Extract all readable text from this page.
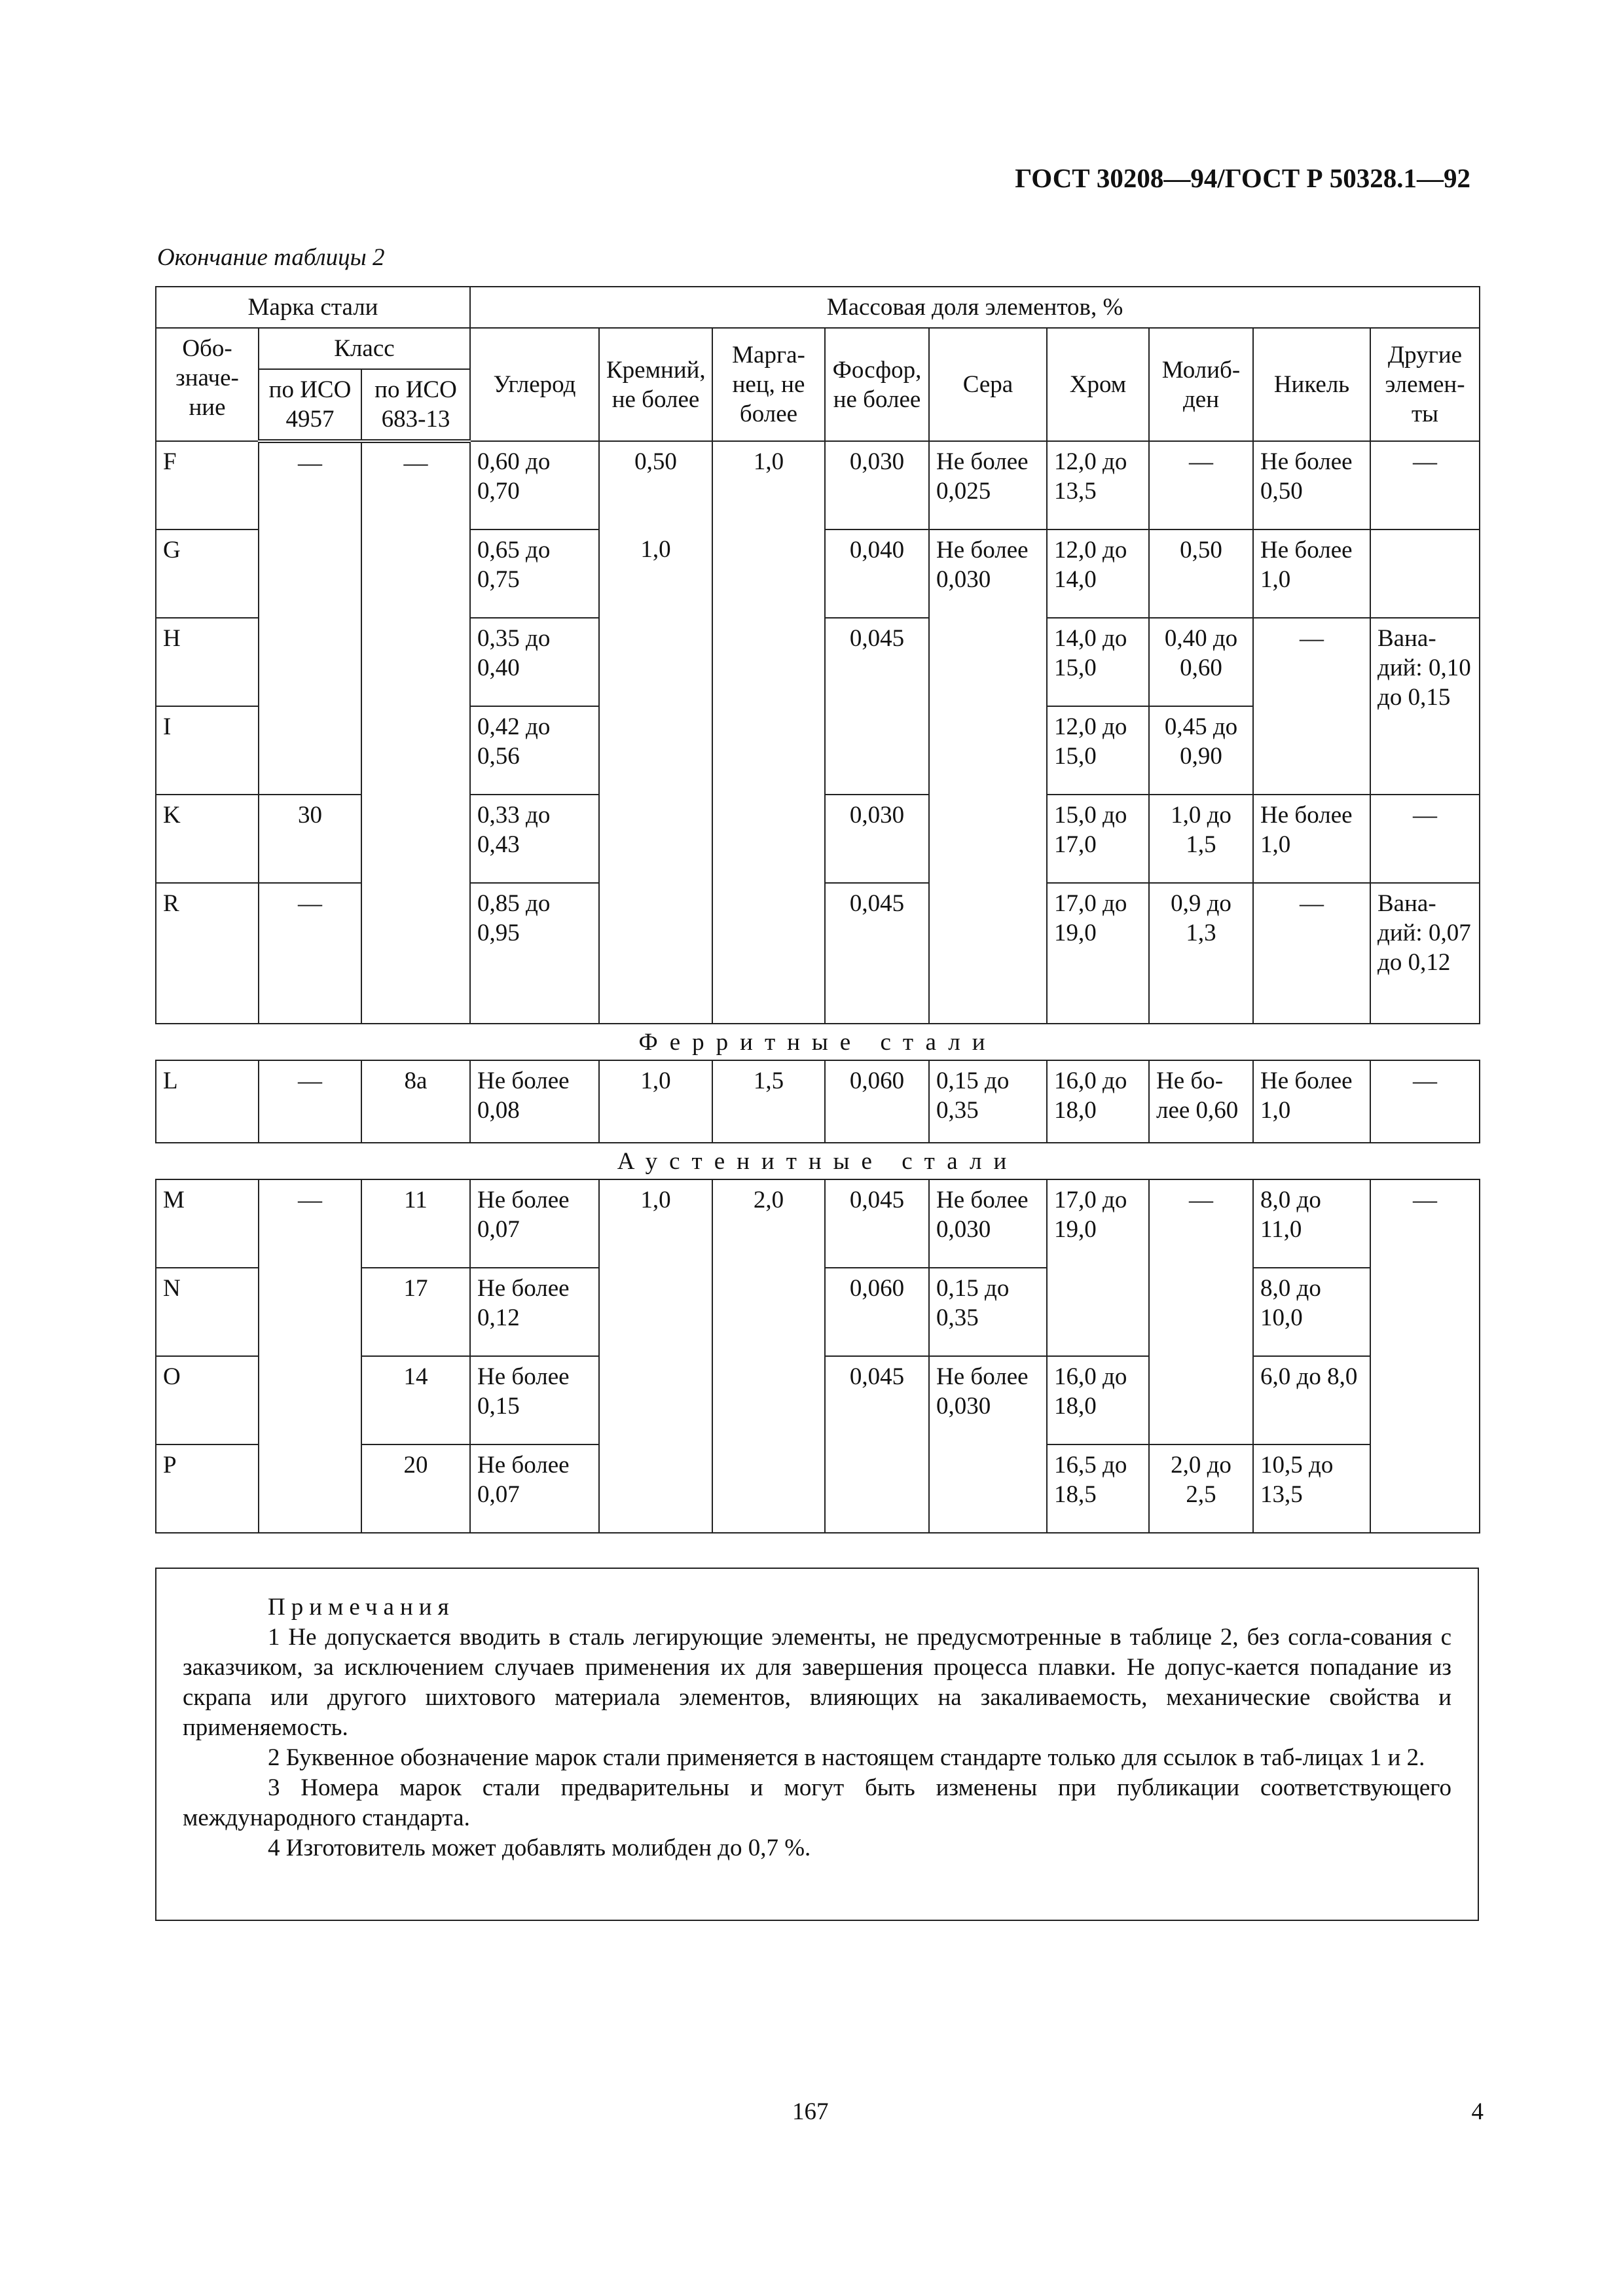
ГОСТ 30208—94/ГОСТ Р 50328.1—92
Окончание таблицы 2
Марка стали			Массовая доля элементов, %								
Обо-значе-ние	Класс		Углерод	Кремний, не более	Марга-нец, не более	Фосфор, не более	Сера	Хром	Молиб-ден	Никель	Другие элемен-ты
	по ИСО 4957	по ИСО 683-13									
F	—	—	0,60 до 0,70	0,50	1,0	0,030	Не более 0,025	12,0 до 13,5	—	Не более 0,50	—
G			0,65 до 0,75	1,0		0,040	Не более 0,030	12,0 до 14,0	0,50	Не более 1,0	
H			0,35 до 0,40			0,045		14,0 до 15,0	0,40 до 0,60	—	Вана-дий: 0,10 до 0,15
I			0,42 до 0,56					12,0 до 15,0	0,45 до 0,90		
K	30		0,33 до 0,43			0,030		15,0 до 17,0	1,0 до 1,5	Не более 1,0	—
R	—		0,85 до 0,95			0,045		17,0 до 19,0	0,9 до 1,3	—	Вана-дий: 0,07 до 0,12
Ферритные стали											
L	—	8а	Не более 0,08	1,0	1,5	0,060	0,15 до 0,35	16,0 до 18,0	Не бо-лее 0,60	Не более 1,0	—
Аустенитные стали											
M	—	11	Не более 0,07	1,0	2,0	0,045	Не более 0,030	17,0 до 19,0	—	8,0 до 11,0	—
N		17	Не более 0,12			0,060	0,15 до 0,35			8,0 до 10,0	
O		14	Не более 0,15			0,045	Не более 0,030	16,0 до 18,0		6,0 до 8,0	
P		20	Не более 0,07					16,5 до 18,5	2,0 до 2,5	10,5 до 13,5	
Примечания

1 Не допускается вводить в сталь легирующие элементы, не предусмотренные в таблице 2, без согла-сования с заказчиком, за исключением случаев применения их для завершения процесса плавки. Не допус-кается попадание из скрапа или другого шихтового материала элементов, влияющих на закаливаемость, механические свойства и применяемость.

2 Буквенное обозначение марок стали применяется в настоящем стандарте только для ссылок в таб-лицах 1 и 2.

3 Номера марок стали предварительны и могут быть изменены при публикации соответствующего международного стандарта.

4 Изготовитель может добавлять молибден до 0,7 %.

167	4
